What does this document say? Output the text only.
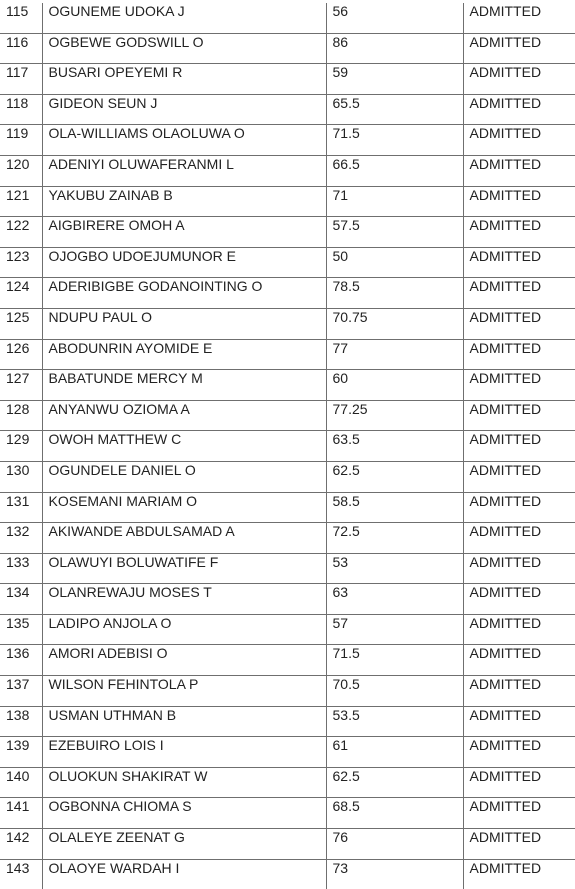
115	OGUNEME UDOKA J	56	ADMITTED
116	OGBEWE GODSWILL O	86	ADMITTED
117	BUSARI OPEYEMI R	59	ADMITTED
118	GIDEON SEUN J	65.5	ADMITTED
119	OLA-WILLIAMS OLAOLUWA O	71.5	ADMITTED
120	ADENIYI OLUWAFERANMI L	66.5	ADMITTED
121	YAKUBU ZAINAB B	71	ADMITTED
122	AIGBIRERE OMOH A	57.5	ADMITTED
123	OJOGBO UDOEJUMUNOR E	50	ADMITTED
124	ADERIBIGBE GODANOINTING O	78.5	ADMITTED
125	NDUPU PAUL O	70.75	ADMITTED
126	ABODUNRIN AYOMIDE E	77	ADMITTED
127	BABATUNDE MERCY M	60	ADMITTED
128	ANYANWU OZIOMA A	77.25	ADMITTED
129	OWOH MATTHEW C	63.5	ADMITTED
130	OGUNDELE DANIEL O	62.5	ADMITTED
131	KOSEMANI MARIAM O	58.5	ADMITTED
132	AKIWANDE ABDULSAMAD A	72.5	ADMITTED
133	OLAWUYI BOLUWATIFE F	53	ADMITTED
134	OLANREWAJU MOSES T	63	ADMITTED
135	LADIPO ANJOLA O	57	ADMITTED
136	AMORI ADEBISI O	71.5	ADMITTED
137	WILSON FEHINTOLA P	70.5	ADMITTED
138	USMAN UTHMAN B	53.5	ADMITTED
139	EZEBUIRO LOIS I	61	ADMITTED
140	OLUOKUN SHAKIRAT W	62.5	ADMITTED
141	OGBONNA CHIOMA S	68.5	ADMITTED
142	OLALEYE ZEENAT G	76	ADMITTED
143	OLAOYE WARDAH I	73	ADMITTED
